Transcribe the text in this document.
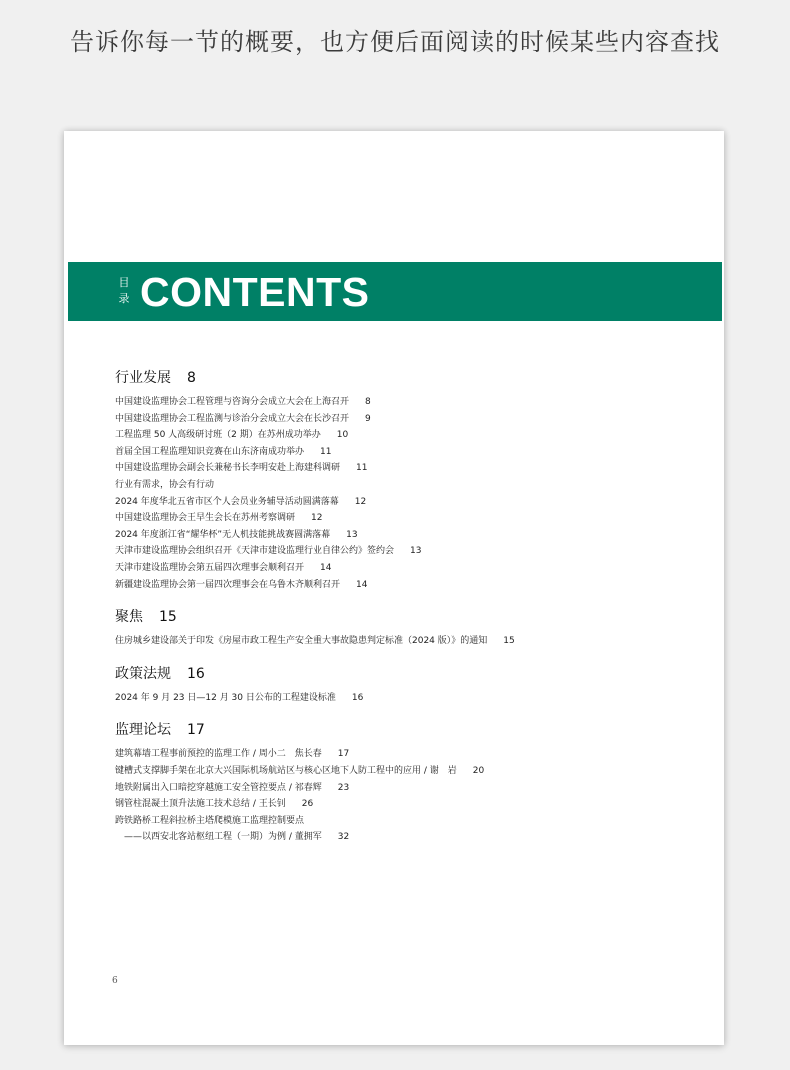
告诉你每一节的概要，也方便后面阅读的时候某些内容查找
目
录 CONTENTS
行业发展 8
中国建设监理协会工程管理与咨询分会成立大会在上海召开 8
中国建设监理协会工程监测与诊治分会成立大会在长沙召开 9
工程监理 50 人高级研讨班（2 期）在苏州成功举办 10
首届全国工程监理知识竞赛在山东济南成功举办 11
中国建设监理协会副会长兼秘书长李明安赴上海建科调研 11
行业有需求，协会有行动
2024 年度华北五省市区个人会员业务辅导活动圆满落幕 12
中国建设监理协会王早生会长在苏州考察调研 12
2024 年度浙江省“耀华杯”无人机技能挑战赛圆满落幕 13
天津市建设监理协会组织召开《天津市建设监理行业自律公约》签约会 13
天津市建设监理协会第五届四次理事会顺利召开 14
新疆建设监理协会第一届四次理事会在乌鲁木齐顺利召开 14
聚焦 15
住房城乡建设部关于印发《房屋市政工程生产安全重大事故隐患判定标准（2024 版）》的通知 15
政策法规 16
2024 年 9 月 23 日—12 月 30 日公布的工程建设标准 16
监理论坛 17
建筑幕墙工程事前预控的监理工作 / 周小二　焦长春 17
键槽式支撑脚手架在北京大兴国际机场航站区与核心区地下人防工程中的应用 / 谢　岩 20
地铁附属出入口暗挖穿越施工安全管控要点 / 祁春辉 23
钢管柱混凝土顶升法施工技术总结 / 王长钊 26
跨铁路桥工程斜拉桥主塔爬模施工监理控制要点
　——以西安北客站枢纽工程（一期）为例 / 董拥军 32
6
